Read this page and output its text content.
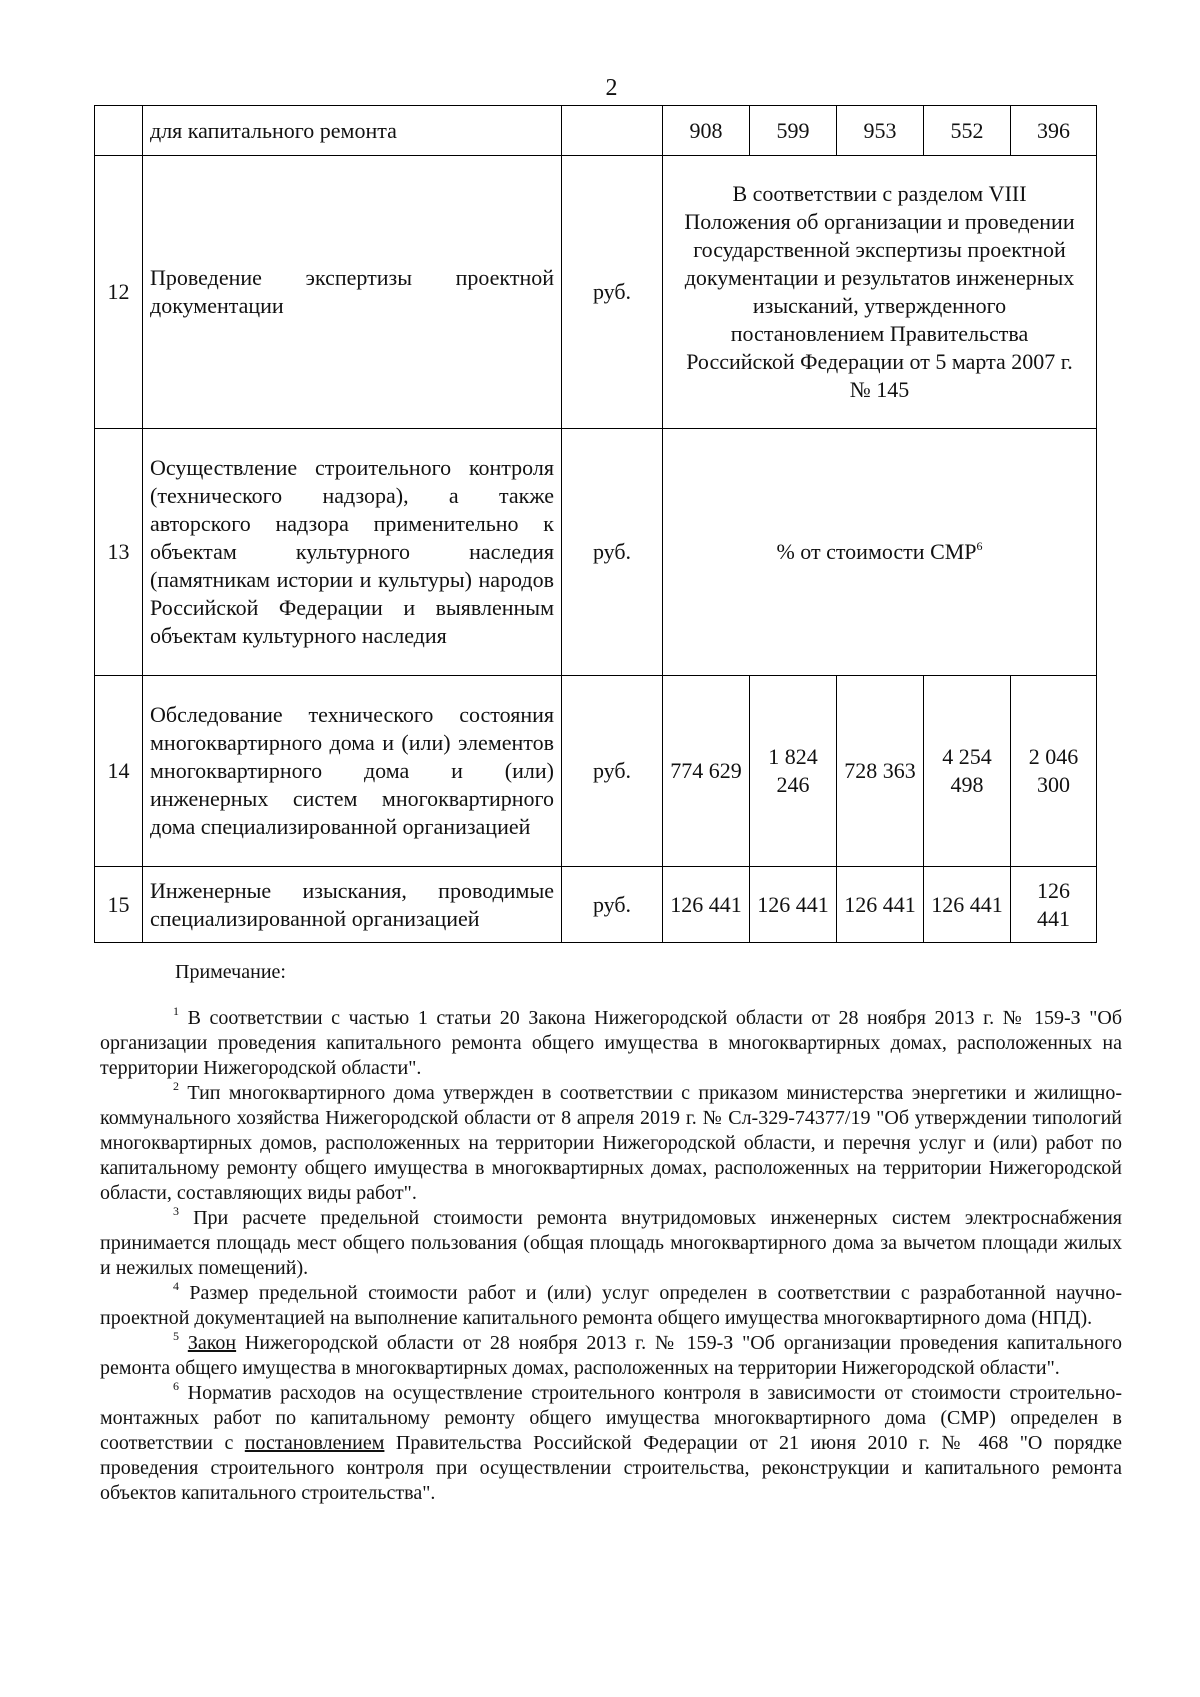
2
	для капитального ремонта		908	599	953	552	396
12	Проведение экспертизы проектной документации	руб.	В соответствии с разделом VIII Положения об организации и проведении государственной экспертизы проектной документации и результатов инженерных изысканий, утвержденного постановлением Правительства Российской Федерации от 5 марта 2007 г. № 145				
13	Осуществление строительного контроля (технического надзора), а также авторского надзора применительно к объектам культурного наследия (памятникам истории и культуры) народов Российской Федерации и выявленным объектам культурного наследия	руб.	% от стоимости СМР$^6$
14	Обследование технического состояния многоквартирного дома и (или) элементов многоквартирного дома и (или) инженерных систем многоквартирного дома специализированной организацией	руб.	774 629	1 824 246	728 363	4 254 498	2 046 300
15	Инженерные изыскания, проводимые специализированной организацией	руб.	126 441	126 441	126 441	126 441	126 441
Примечание:

$^1$ В соответствии с частью 1 статьи 20 Закона Нижегородской области от 28 ноября 2013 г. № 159-З "Об организации проведения капитального ремонта общего имущества в многоквартирных домах, расположенных на территории Нижегородской области".

$^2$ Тип многоквартирного дома утвержден в соответствии с приказом министерства энергетики и жилищно-коммунального хозяйства Нижегородской области от 8 апреля 2019 г. № Сл-329-74377/19 "Об утверждении типологий многоквартирных домов, расположенных на территории Нижегородской области, и перечня услуг и (или) работ по капитальному ремонту общего имущества в многоквартирных домах, расположенных на территории Нижегородской области, составляющих виды работ".

$^3$ При расчете предельной стоимости ремонта внутридомовых инженерных систем электроснабжения принимается площадь мест общего пользования (общая площадь многоквартирного дома за вычетом площади жилых и нежилых помещений).

$^4$ Размер предельной стоимости работ и (или) услуг определен в соответствии с разработанной научно-проектной документацией на выполнение капитального ремонта общего имущества многоквартирного дома (НПД).

$^5$ Закон Нижегородской области от 28 ноября 2013 г. № 159-З "Об организации проведения капитального ремонта общего имущества в многоквартирных домах, расположенных на территории Нижегородской области".

$^6$ Норматив расходов на осуществление строительного контроля в зависимости от стоимости строительно-монтажных работ по капитальному ремонту общего имущества многоквартирного дома (СМР) определен в соответствии с постановлением Правительства Российской Федерации от 21 июня 2010 г. № 468 "О порядке проведения строительного контроля при осуществлении строительства, реконструкции и капитального ремонта объектов капитального строительства".
